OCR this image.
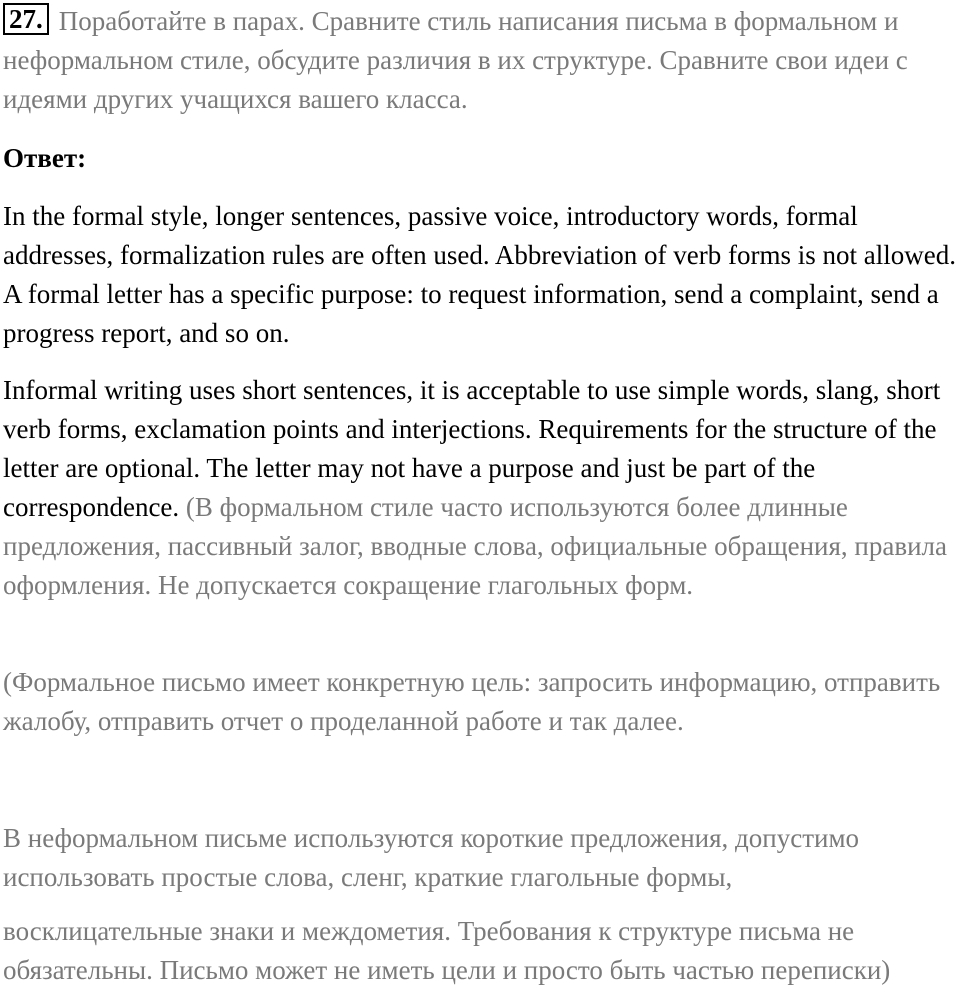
27. Поработайте в парах. Сравните стиль написания письма в формальном и неформальном стиле, обсудите различия в их структуре. Сравните свои идеи с идеями других учащихся вашего класса.

Ответ:

In the formal style, longer sentences, passive voice, introductory words, formal addresses, formalization rules are often used. Abbreviation of verb forms is not allowed. A formal letter has a specific purpose: to request information, send a complaint, send a progress report, and so on.

Informal writing uses short sentences, it is acceptable to use simple words, slang, short verb forms, exclamation points and interjections. Requirements for the structure of the letter are optional. The letter may not have a purpose and just be part of the correspondence. (В формальном стиле часто используются более длинные предложения, пассивный залог, вводные слова, официальные обращения, правила оформления. Не допускается сокращение глагольных форм.

(Формальное письмо имеет конкретную цель: запросить информацию, отправить жалобу, отправить отчет о проделанной работе и так далее.

В неформальном письме используются короткие предложения, допустимо использовать простые слова, сленг, краткие глагольные формы,

восклицательные знаки и междометия. Требования к структуре письма не обязательны. Письмо может не иметь цели и просто быть частью переписки)
